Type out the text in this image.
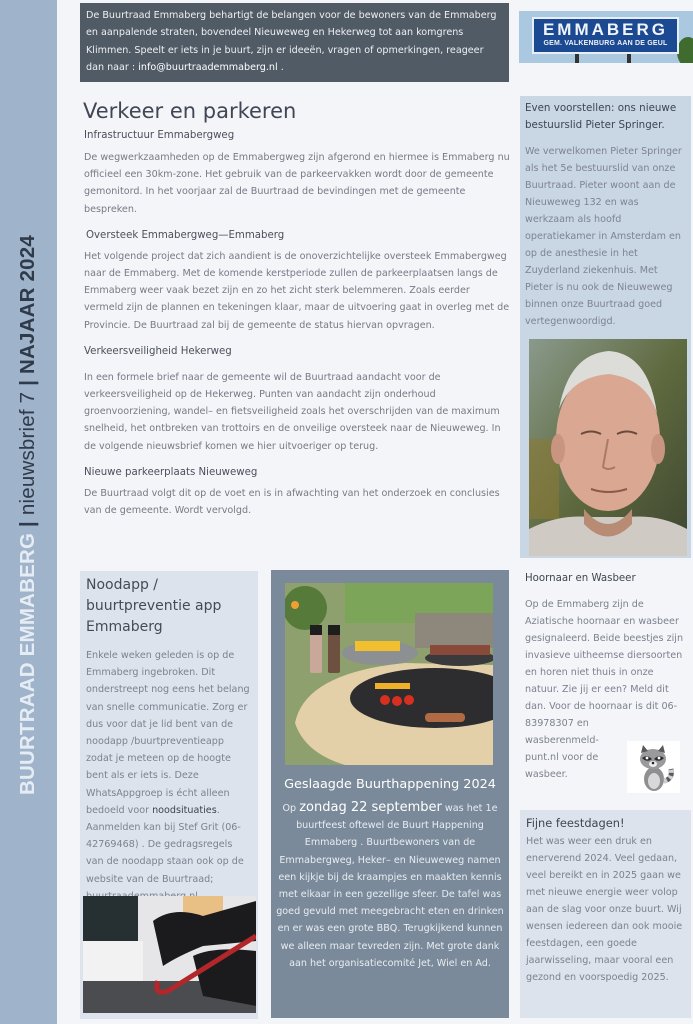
BUURTRAAD EMMABERG | nieuwsbrief 7 | NAJAAR 2024
De Buurtraad Emmaberg behartigt de belangen voor de bewoners van de Emmaberg en aanpalende straten, bovendeel Nieuweweg en Hekerweg tot aan komgrens Klimmen. Speelt er iets in je buurt, zijn er ideeën, vragen of opmerkingen, reageer dan naar : info@buurtraademmaberg.nl .
EMMABERG
GEM. VALKENBURG AAN DE GEUL
Verkeer en parkeren
Infrastructuur Emmabergweg

De wegwerkzaamheden op de Emmabergweg zijn afgerond en hiermee is Emmaberg nu officieel een 30km-zone. Het gebruik van de parkeervakken wordt door de gemeente gemonitord. In het voorjaar zal de Buurtraad de bevindingen met de gemeente bespreken.

Oversteek Emmabergweg—Emmaberg

Het volgende project dat zich aandient is de onoverzichtelijke oversteek Emmabergweg naar de Emmaberg. Met de komende kerstperiode zullen de parkeerplaatsen langs de Emmaberg weer vaak bezet zijn en zo het zicht sterk belemmeren. Zoals eerder vermeld zijn de plannen en tekeningen klaar, maar de uitvoering gaat in overleg met de Provincie. De Buurtraad zal bij de gemeente de status hiervan opvragen.

Verkeersveiligheid Hekerweg

In een formele brief naar de gemeente wil de Buurtraad aandacht voor de verkeersveiligheid op de Hekerweg. Punten van aandacht zijn onderhoud groenvoorziening, wandel– en fietsveiligheid zoals het overschrijden van de maximum snelheid, het ontbreken van trottoirs en de onveilige oversteek naar de Nieuweweg. In de volgende nieuwsbrief komen we hier uitvoeriger op terug.

Nieuwe parkeerplaats Nieuweweg

De Buurtraad volgt dit op de voet en is in afwachting van het onderzoek en conclusies van de gemeente. Wordt vervolgd.

Even voorstellen: ons nieuwe bestuurslid Pieter Springer.

We verwelkomen Pieter Springer als het 5e bestuurslid van onze Buurtraad. Pieter woont aan de Nieuweweg 132 en was werkzaam als hoofd operatiekamer in Amsterdam en op de anesthesie in het Zuyderland ziekenhuis. Met Pieter is nu ook de Nieuweweg binnen onze Buurtraad goed vertegenwoordigd.

Noodapp / buurtpreventie app Emmaberg

Enkele weken geleden is op de Emmaberg ingebroken. Dit onderstreept nog eens het belang van snelle communicatie. Zorg er dus voor dat je lid bent van de noodapp /buurtpreventieapp zodat je meteen op de hoogte bent als er iets is. Deze WhatsAppgroep is écht alleen bedoeld voor noodsituaties. Aanmelden kan bij Stef Grit (06-42769468) . De gedragsregels van de noodapp staan ook op de website van de Buurtraad;

Geslaagde Buurthappening 2024

Op zondag 22 september was het 1e buurtfeest oftewel de Buurt Happening Emmaberg . Buurtbewoners van de Emmabergweg, Heker– en Nieuweweg namen een kijkje bij de kraampjes en maakten kennis met elkaar in een gezellige sfeer. De tafel was goed gevuld met meegebracht eten en drinken en er was een grote BBQ. Terugkijkend kunnen we alleen maar tevreden zijn. Met grote dank aan het organisatiecomité Jet, Wiel en Ad.

Hoornaar en Wasbeer

Op de Emmaberg zijn de Aziatische hoornaar en wasbeer gesignaleerd. Beide beestjes zijn invasieve uitheemse diersoorten en horen niet thuis in onze natuur. Zie jij er een? Meld dit dan. Voor de hoornaar is dit 06-83978307 en
wasberenmeld-
punt.nl voor de
wasbeer.

Fijne feestdagen!

Het was weer een druk en enerverend 2024. Veel gedaan, veel bereikt en in 2025 gaan we met nieuwe energie weer volop aan de slag voor onze buurt. Wij wensen iedereen dan ook mooie feestdagen, een goede jaarwisseling, maar vooral een gezond en voorspoedig 2025.
